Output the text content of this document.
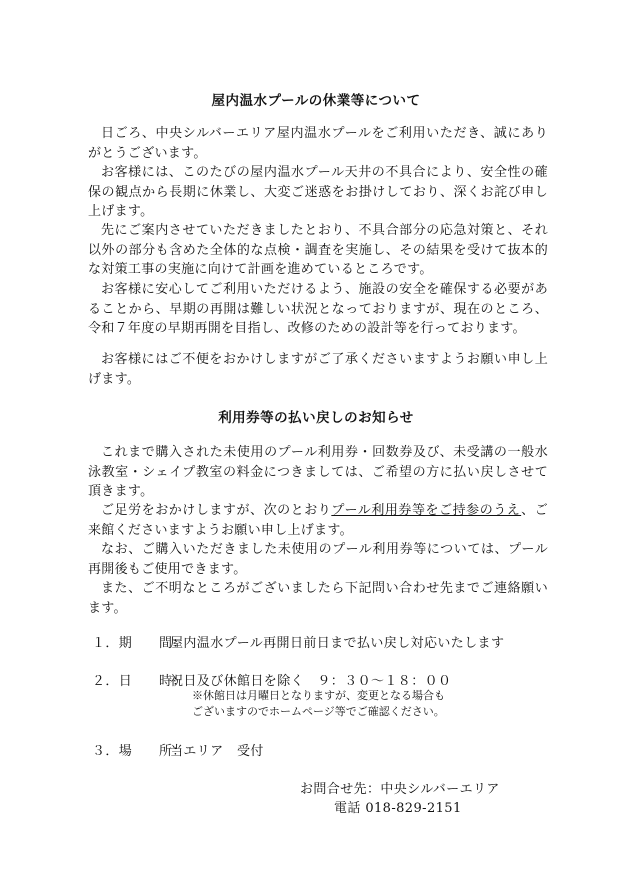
屋内温水プールの休業等について
日ごろ、中央シルバーエリア屋内温水プールをご利用いただき、誠にありがとうございます。
お客様には、このたびの屋内温水プール天井の不具合により、安全性の確保の観点から長期に休業し、大変ご迷惑をお掛けしており、深くお詫び申し上げます。
先にご案内させていただきましたとおり、不具合部分の応急対策と、それ以外の部分も含めた全体的な点検・調査を実施し、その結果を受けて抜本的な対策工事の実施に向けて計画を進めているところです。
お客様に安心してご利用いただけるよう、施設の安全を確保する必要があることから、早期の再開は難しい状況となっておりますが、現在のところ、令和７年度の早期再開を目指し、改修のための設計等を行っております。
お客様にはご不便をおかけしますがご了承くださいますようお願い申し上げます。
利用券等の払い戻しのお知らせ
これまで購入された未使用のプール利用券・回数券及び、未受講の一般水泳教室・シェイプ教室の料金につきましては、ご希望の方に払い戻しさせて頂きます。
ご足労をおかけしますが、次のとおりプール利用券等をご持参のうえ、ご来館くださいますようお願い申し上げます。
なお、ご購入いただきました未使用のプール利用券等については、プール再開後もご使用できます。
また、ご不明なところがございましたら下記問い合わせ先までご連絡願います。
１．期　　間：屋内温水プール再開日前日まで払い戻し対応いたします
２．日　　時：祝日及び休館日を除く　９：３０～１８：００
※休館日は月曜日となりますが、変更となる場合も
ございますのでホームページ等でご確認ください。
３．場　　所：当エリア　受付
お問合せ先：中央シルバーエリア
電話 018-829-2151
